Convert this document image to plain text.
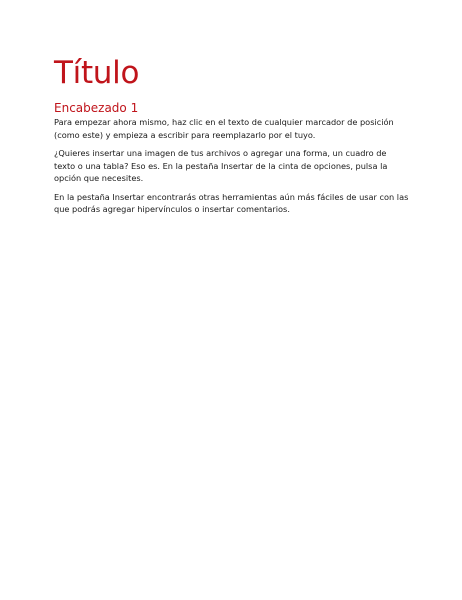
Título
Encabezado 1

Para empezar ahora mismo, haz clic en el texto de cualquier marcador de posición (como este) y empieza a escribir para reemplazarlo por el tuyo.

¿Quieres insertar una imagen de tus archivos o agregar una forma, un cuadro de texto o una tabla? Eso es. En la pestaña Insertar de la cinta de opciones, pulsa la opción que necesites.

En la pestaña Insertar encontrarás otras herramientas aún más fáciles de usar con las que podrás agregar hipervínculos o insertar comentarios.
